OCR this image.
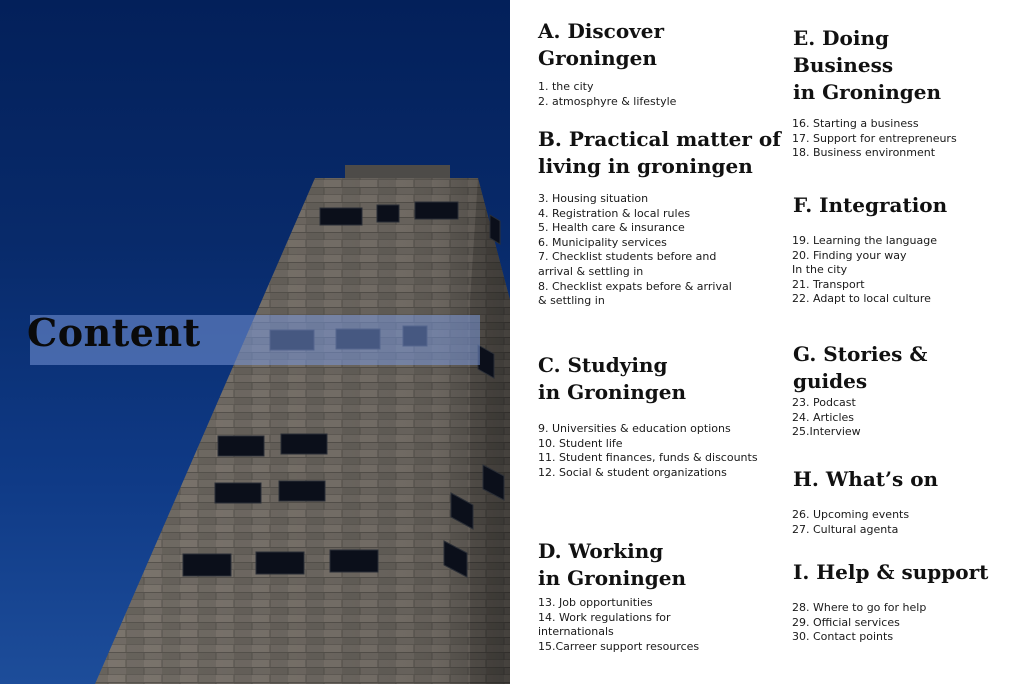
Content
A. Discover
Groningen
1. the city
2. atmosphyre & lifestyle
B. Practical matter of
living in groningen
3. Housing situation
4. Registration & local rules
5. Health care & insurance
6. Municipality services
7. Checklist students before and
arrival & settling in
8. Checklist expats before & arrival
& settling in
C. Studying
in Groningen
9. Universities & education options
10. Student life
11. Student finances, funds & discounts
12. Social & student organizations
D. Working
in Groningen
13. Job opportunities
14. Work regulations for
internationals
15.Carreer support resources
E. Doing
Business
in Groningen
16. Starting a business
17. Support for entrepreneurs
18. Business environment
F. Integration
19. Learning the language
20. Finding your way
In the city
21. Transport
22. Adapt to local culture
G. Stories &
guides
23. Podcast
24. Articles
25.Interview
H. What’s on
26. Upcoming events
27. Cultural agenta
I. Help & support
28. Where to go for help
29. Official services
30. Contact points
